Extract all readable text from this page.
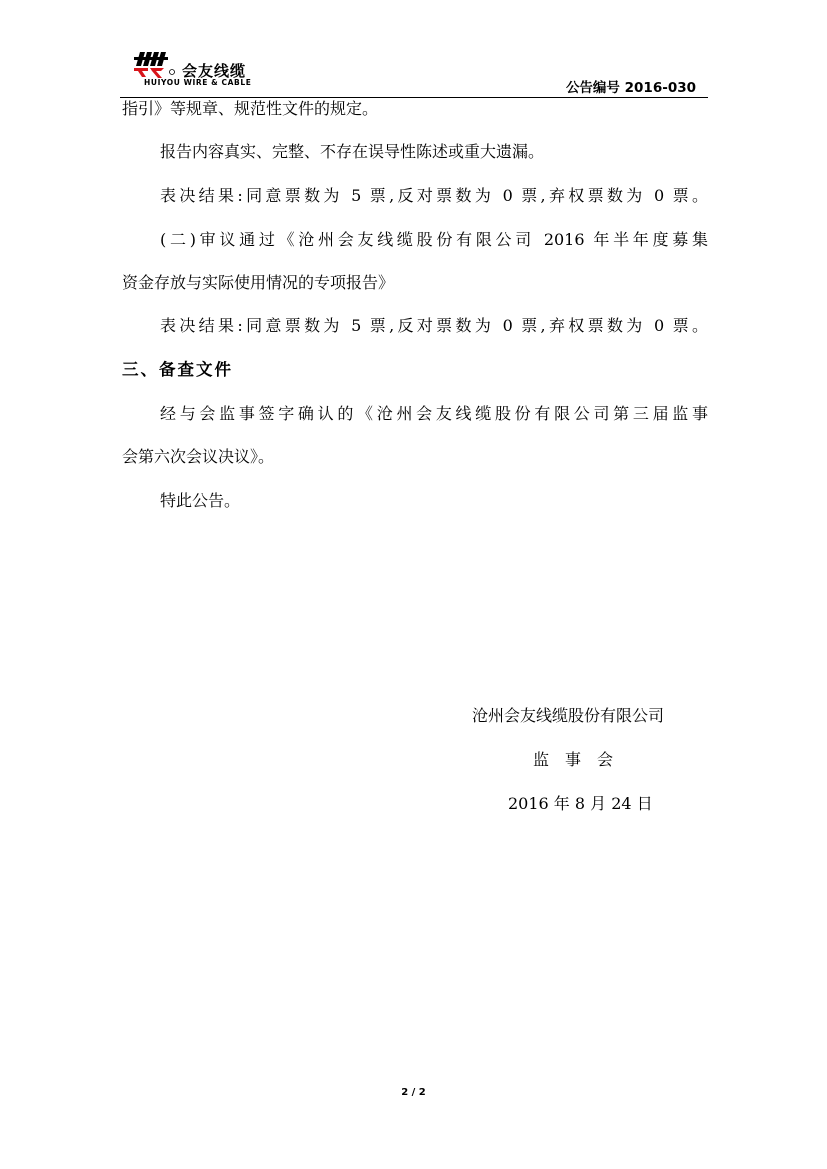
会友线缆
HUIYOU WIRE & CABLE	公告编号 2016-030
指引》等规章、规范性文件的规定。
报告内容真实、完整、不存在误导性陈述或重大遗漏。
表决结果:同意票数为 5 票,反对票数为 0 票,弃权票数为 0 票。
(二)审议通过《沧州会友线缆股份有限公司 2016 年半年度募集
资金存放与实际使用情况的专项报告》
表决结果:同意票数为 5 票,反对票数为 0 票,弃权票数为 0 票。
三、备查文件
经与会监事签字确认的《沧州会友线缆股份有限公司第三届监事
会第六次会议决议》。
特此公告。
沧州会友线缆股份有限公司
监　事　会
2016 年 8 月 24 日
2 / 2
